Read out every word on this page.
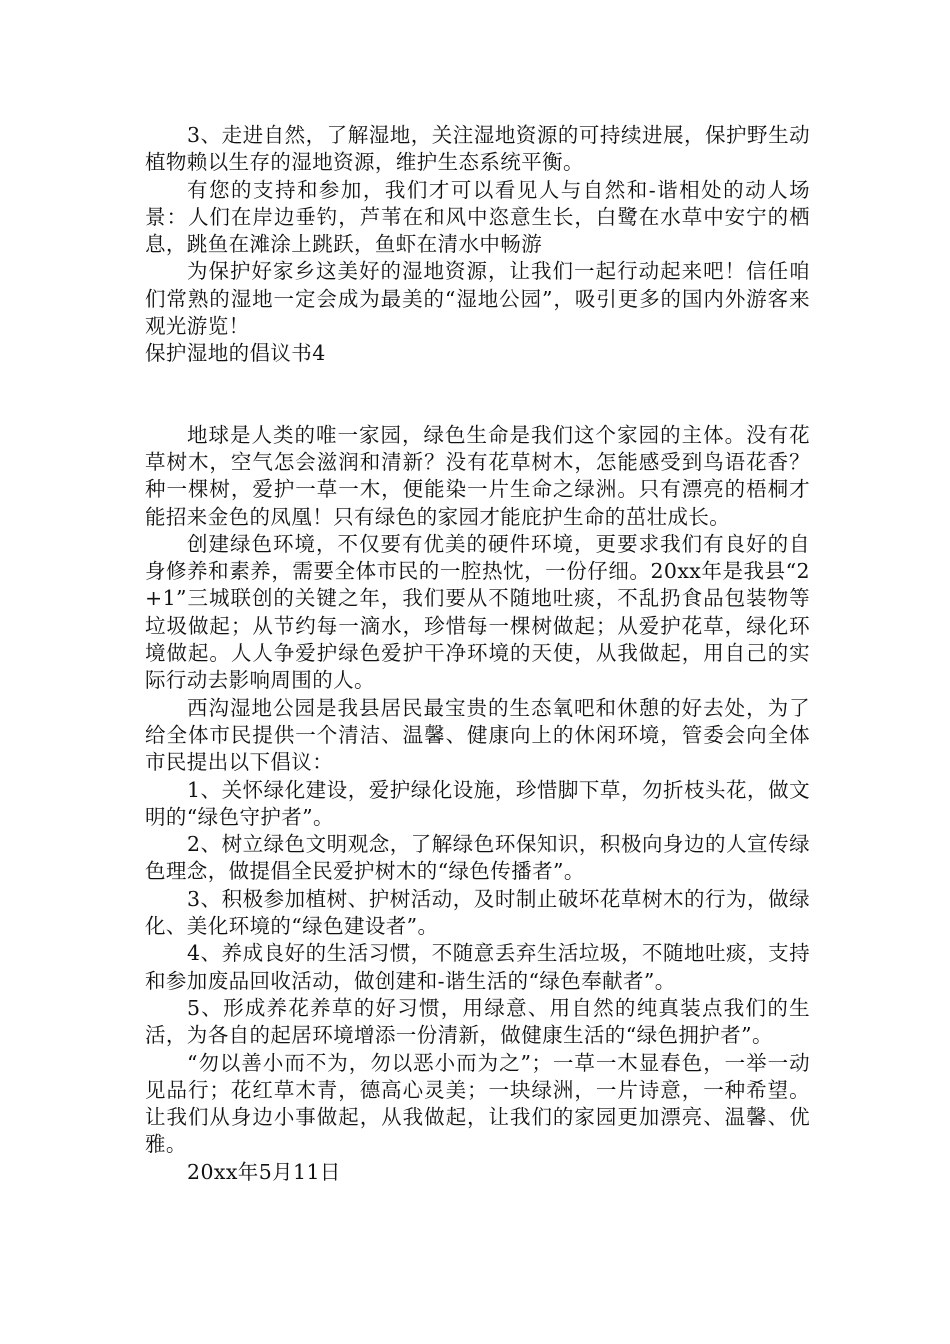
3、走进自然，了解湿地，关注湿地资源的可持续进展，保护野生动植物赖以生存的湿地资源，维护生态系统平衡。

有您的支持和参加，我们才可以看见人与自然和-谐相处的动人场景：人们在岸边垂钓，芦苇在和风中恣意生长，白鹭在水草中安宁的栖息，跳鱼在滩涂上跳跃，鱼虾在清水中畅游

为保护好家乡这美好的湿地资源，让我们一起行动起来吧！信任咱们常熟的湿地一定会成为最美的“湿地公园”，吸引更多的国内外游客来观光游览！

保护湿地的倡议书4

地球是人类的唯一家园，绿色生命是我们这个家园的主体。没有花草树木，空气怎会滋润和清新？没有花草树木，怎能感受到鸟语花香？种一棵树，爱护一草一木，便能染一片生命之绿洲。只有漂亮的梧桐才能招来金色的凤凰！只有绿色的家园才能庇护生命的茁壮成长。

创建绿色环境，不仅要有优美的硬件环境，更要求我们有良好的自身修养和素养，需要全体市民的一腔热忱，一份仔细。20xx年是我县“2+1”三城联创的关键之年，我们要从不随地吐痰，不乱扔食品包装物等垃圾做起；从节约每一滴水，珍惜每一棵树做起；从爱护花草，绿化环境做起。人人争爱护绿色爱护干净环境的天使，从我做起，用自己的实际行动去影响周围的人。

西沟湿地公园是我县居民最宝贵的生态氧吧和休憩的好去处，为了给全体市民提供一个清洁、温馨、健康向上的休闲环境，管委会向全体市民提出以下倡议：

1、关怀绿化建设，爱护绿化设施，珍惜脚下草，勿折枝头花，做文明的“绿色守护者”。

2、树立绿色文明观念，了解绿色环保知识，积极向身边的人宣传绿色理念，做提倡全民爱护树木的“绿色传播者”。

3、积极参加植树、护树活动，及时制止破坏花草树木的行为，做绿化、美化环境的“绿色建设者”。

4、养成良好的生活习惯，不随意丢弃生活垃圾，不随地吐痰，支持和参加废品回收活动，做创建和-谐生活的“绿色奉献者”。

5、形成养花养草的好习惯，用绿意、用自然的纯真装点我们的生活，为各自的起居环境增添一份清新，做健康生活的“绿色拥护者”。

“勿以善小而不为，勿以恶小而为之”；一草一木显春色，一举一动见品行；花红草木青，德高心灵美；一块绿洲，一片诗意，一种希望。让我们从身边小事做起，从我做起，让我们的家园更加漂亮、温馨、优雅。

20xx年5月11日
